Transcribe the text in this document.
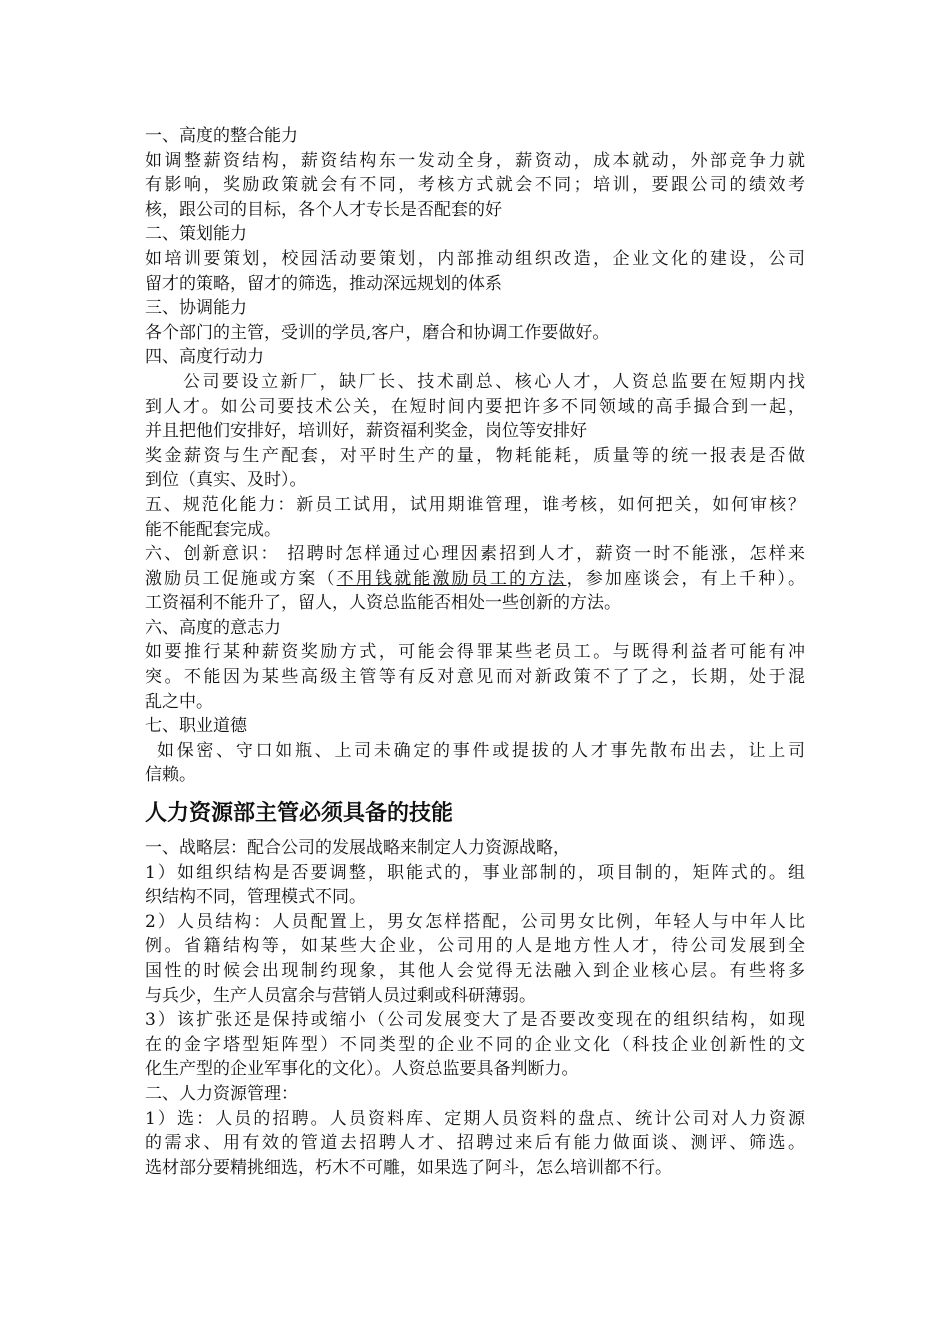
一、高度的整合能力
如调整薪资结构，薪资结构东一发动全身，薪资动，成本就动，外部竞争力就
有影响，奖励政策就会有不同，考核方式就会不同；培训，要跟公司的绩效考
核，跟公司的目标，各个人才专长是否配套的好
二、策划能力
如培训要策划，校园活动要策划，内部推动组织改造，企业文化的建设，公司
留才的策略，留才的筛选，推动深远规划的体系
三、协调能力
各个部门的主管，受训的学员,客户，磨合和协调工作要做好。
四、高度行动力
公司要设立新厂，缺厂长、技术副总、核心人才，人资总监要在短期内找
到人才。如公司要技术公关，在短时间内要把许多不同领域的高手撮合到一起，
并且把他们安排好，培训好，薪资福利奖金，岗位等安排好
奖金薪资与生产配套，对平时生产的量，物耗能耗，质量等的统一报表是否做
到位（真实、及时）。
五、规范化能力：新员工试用，试用期谁管理，谁考核，如何把关，如何审核？
能不能配套完成。
六、创新意识： 招聘时怎样通过心理因素招到人才，薪资一时不能涨，怎样来
激励员工促施或方案（不用钱就能激励员工的方法，参加座谈会，有上千种）。
工资福利不能升了，留人，人资总监能否相处一些创新的方法。
六、高度的意志力
如要推行某种薪资奖励方式，可能会得罪某些老员工。与既得利益者可能有冲
突。不能因为某些高级主管等有反对意见而对新政策不了了之，长期，处于混
乱之中。
七、职业道德
如保密、守口如瓶、上司未确定的事件或提拔的人才事先散布出去，让上司
信赖。
人力资源部主管必须具备的技能
一、战略层：配合公司的发展战略来制定人力资源战略，
1）如组织结构是否要调整，职能式的，事业部制的，项目制的，矩阵式的。组
织结构不同，管理模式不同。
2）人员结构：人员配置上，男女怎样搭配，公司男女比例，年轻人与中年人比
例。省籍结构等，如某些大企业，公司用的人是地方性人才，待公司发展到全
国性的时候会出现制约现象，其他人会觉得无法融入到企业核心层。有些将多
与兵少，生产人员富余与营销人员过剩或科研薄弱。
3）该扩张还是保持或缩小（公司发展变大了是否要改变现在的组织结构，如现
在的金字塔型矩阵型）不同类型的企业不同的企业文化（科技企业创新性的文
化生产型的企业军事化的文化）。人资总监要具备判断力。
二、人力资源管理：
1）选：人员的招聘。人员资料库、定期人员资料的盘点、统计公司对人力资源
的需求、用有效的管道去招聘人才、招聘过来后有能力做面谈、测评、筛选。
选材部分要精挑细选，朽木不可雕，如果选了阿斗，怎么培训都不行。
